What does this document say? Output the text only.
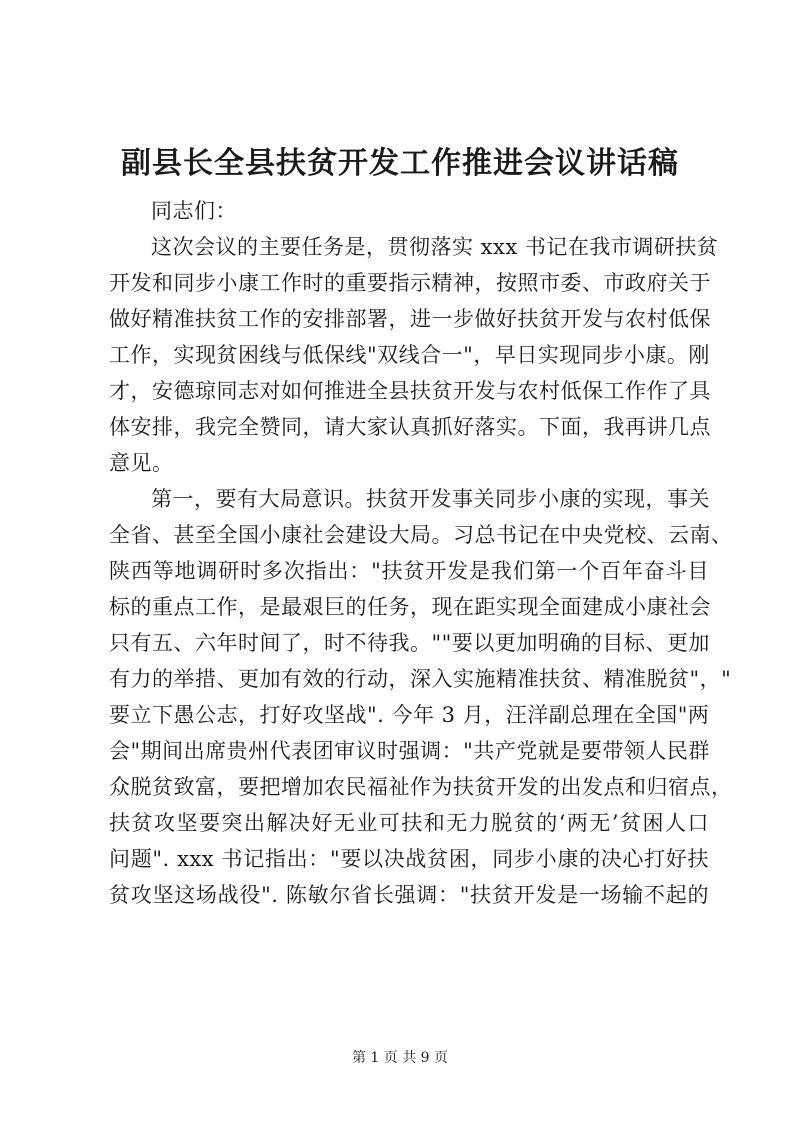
副县长全县扶贫开发工作推进会议讲话稿
同志们：
这次会议的主要任务是，贯彻落实 xxx 书记在我市调研扶贫
开发和同步小康工作时的重要指示精神，按照市委、市政府关于
做好精准扶贫工作的安排部署，进一步做好扶贫开发与农村低保
工作，实现贫困线与低保线"双线合一"，早日实现同步小康。刚
才，安德琼同志对如何推进全县扶贫开发与农村低保工作作了具
体安排，我完全赞同，请大家认真抓好落实。下面，我再讲几点
意见。
第一，要有大局意识。扶贫开发事关同步小康的实现，事关
全省、甚至全国小康社会建设大局。习总书记在中央党校、云南、
陕西等地调研时多次指出："扶贫开发是我们第一个百年奋斗目
标的重点工作，是最艰巨的任务，现在距实现全面建成小康社会
只有五、六年时间了，时不待我。""要以更加明确的目标、更加
有力的举措、更加有效的行动，深入实施精准扶贫、精准脱贫"，"
要立下愚公志，打好攻坚战". 今年 3 月，汪洋副总理在全国"两
会"期间出席贵州代表团审议时强调："共产党就是要带领人民群
众脱贫致富，要把增加农民福祉作为扶贫开发的出发点和归宿点，
扶贫攻坚要突出解决好无业可扶和无力脱贫的‘两无’贫困人口
问题". xxx 书记指出："要以决战贫困，同步小康的决心打好扶
贫攻坚这场战役". 陈敏尔省长强调："扶贫开发是一场输不起的
第 1 页 共 9 页
